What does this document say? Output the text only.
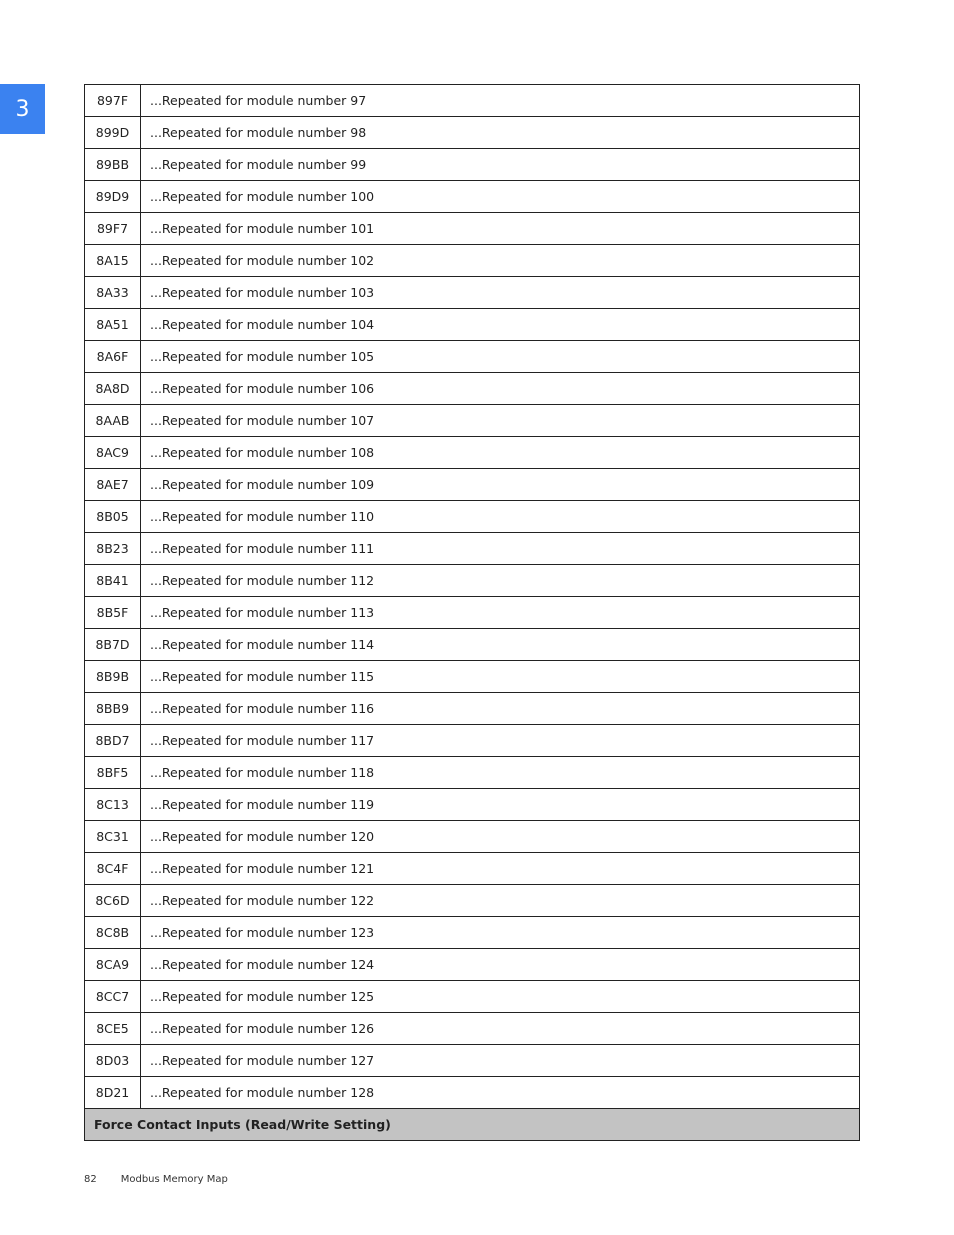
3	897F	...Repeated for module number 97
899D	...Repeated for module number 98
89BB	...Repeated for module number 99
89D9	...Repeated for module number 100
89F7	...Repeated for module number 101
8A15	...Repeated for module number 102
8A33	...Repeated for module number 103
8A51	...Repeated for module number 104
8A6F	...Repeated for module number 105
8A8D	...Repeated for module number 106
8AAB	...Repeated for module number 107
8AC9	...Repeated for module number 108
8AE7	...Repeated for module number 109
8B05	...Repeated for module number 110
8B23	...Repeated for module number 111
8B41	...Repeated for module number 112
8B5F	...Repeated for module number 113
8B7D	...Repeated for module number 114
8B9B	...Repeated for module number 115
8BB9	...Repeated for module number 116
8BD7	...Repeated for module number 117
8BF5	...Repeated for module number 118
8C13	...Repeated for module number 119
8C31	...Repeated for module number 120
8C4F	...Repeated for module number 121
8C6D	...Repeated for module number 122
8C8B	...Repeated for module number 123
8CA9	...Repeated for module number 124
8CC7	...Repeated for module number 125
8CE5	...Repeated for module number 126
8D03	...Repeated for module number 127
8D21	...Repeated for module number 128
Force Contact Inputs (Read/Write Setting)	
82 Modbus Memory Map
